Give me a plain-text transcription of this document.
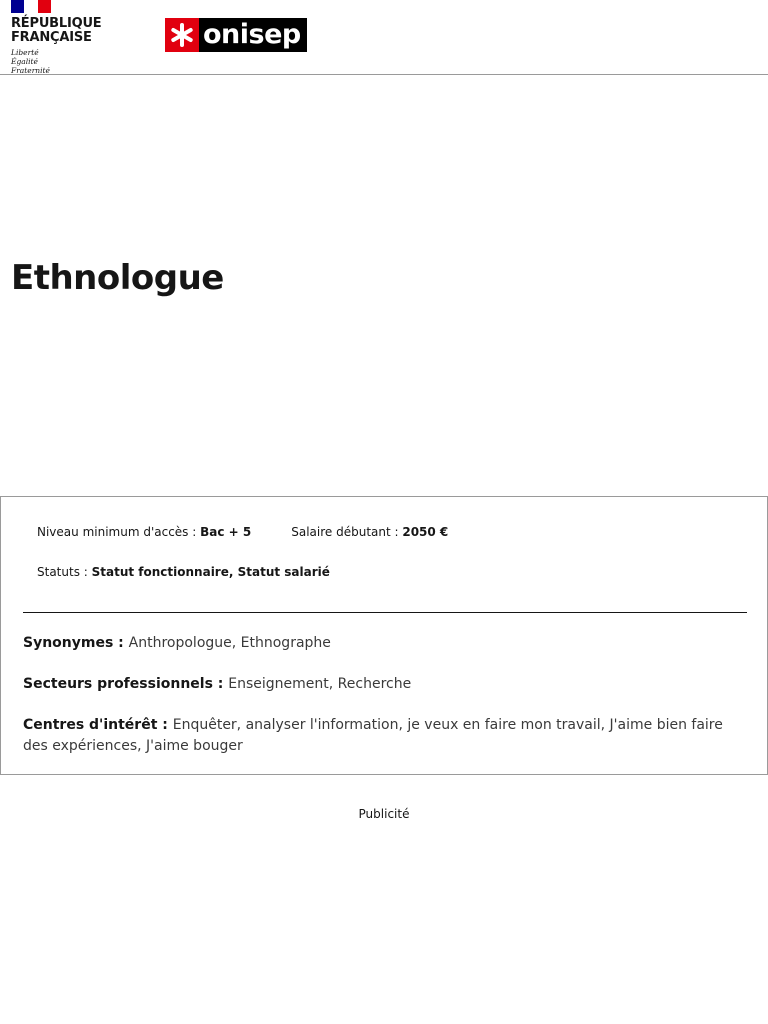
RÉPUBLIQUE
FRANÇAISE
Liberté
Égalité
Fraternité
onisep
Ethnologue
Niveau minimum d'accès : Bac + 5	Salaire débutant : 2050 €
Statuts : Statut fonctionnaire, Statut salarié
Synonymes : Anthropologue, Ethnographe
Secteurs professionnels : Enseignement, Recherche
Centres d'intérêt : Enquêter, analyser l'information, je veux en faire mon travail, J'aime bien faire des expériences, J'aime bouger
Publicité
